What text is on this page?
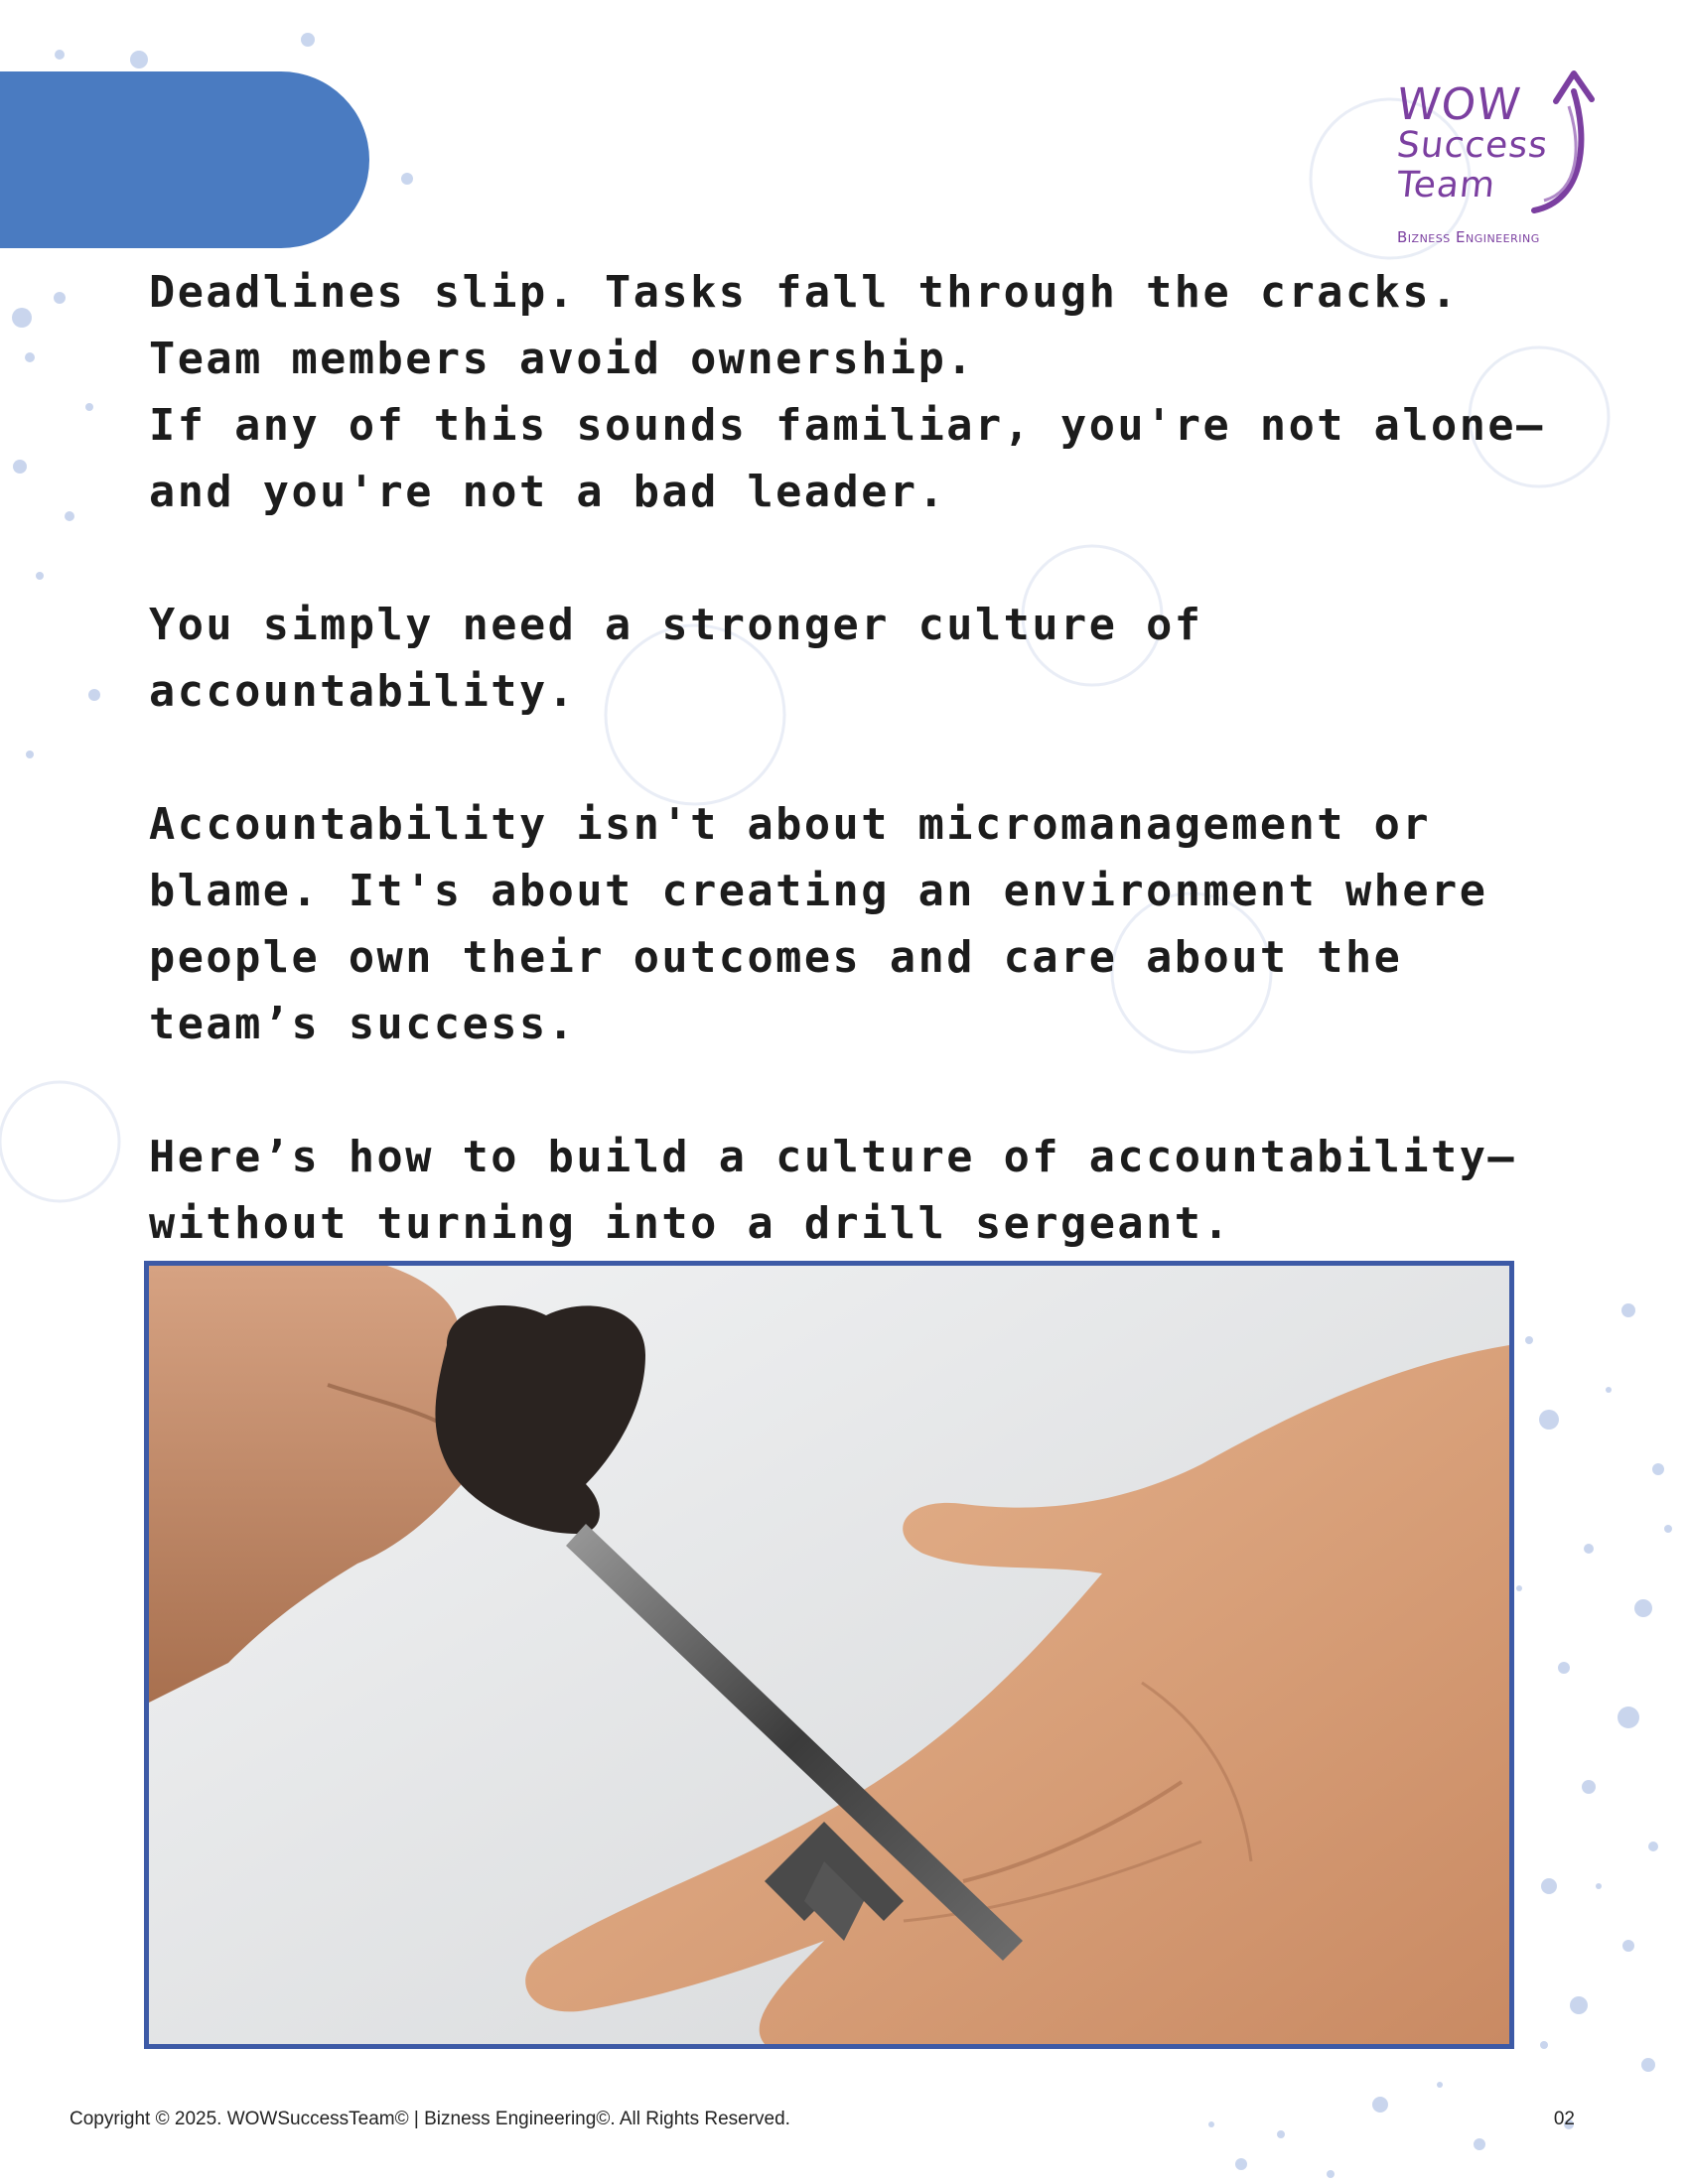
WOW
Success
Team
Bizness Engineering

Deadlines slip. Tasks fall through the cracks.
Team members avoid ownership.
If any of this sounds familiar, you're not alone—
and you're not a bad leader.

You simply need a stronger culture of
accountability.

Accountability isn't about micromanagement or
blame. It's about creating an environment where
people own their outcomes and care about the
team’s success.

Here’s how to build a culture of accountability—
without turning into a drill sergeant.

Copyright © 2025. WOWSuccessTeam© | Bizness Engineering©. All Rights Reserved.	02
